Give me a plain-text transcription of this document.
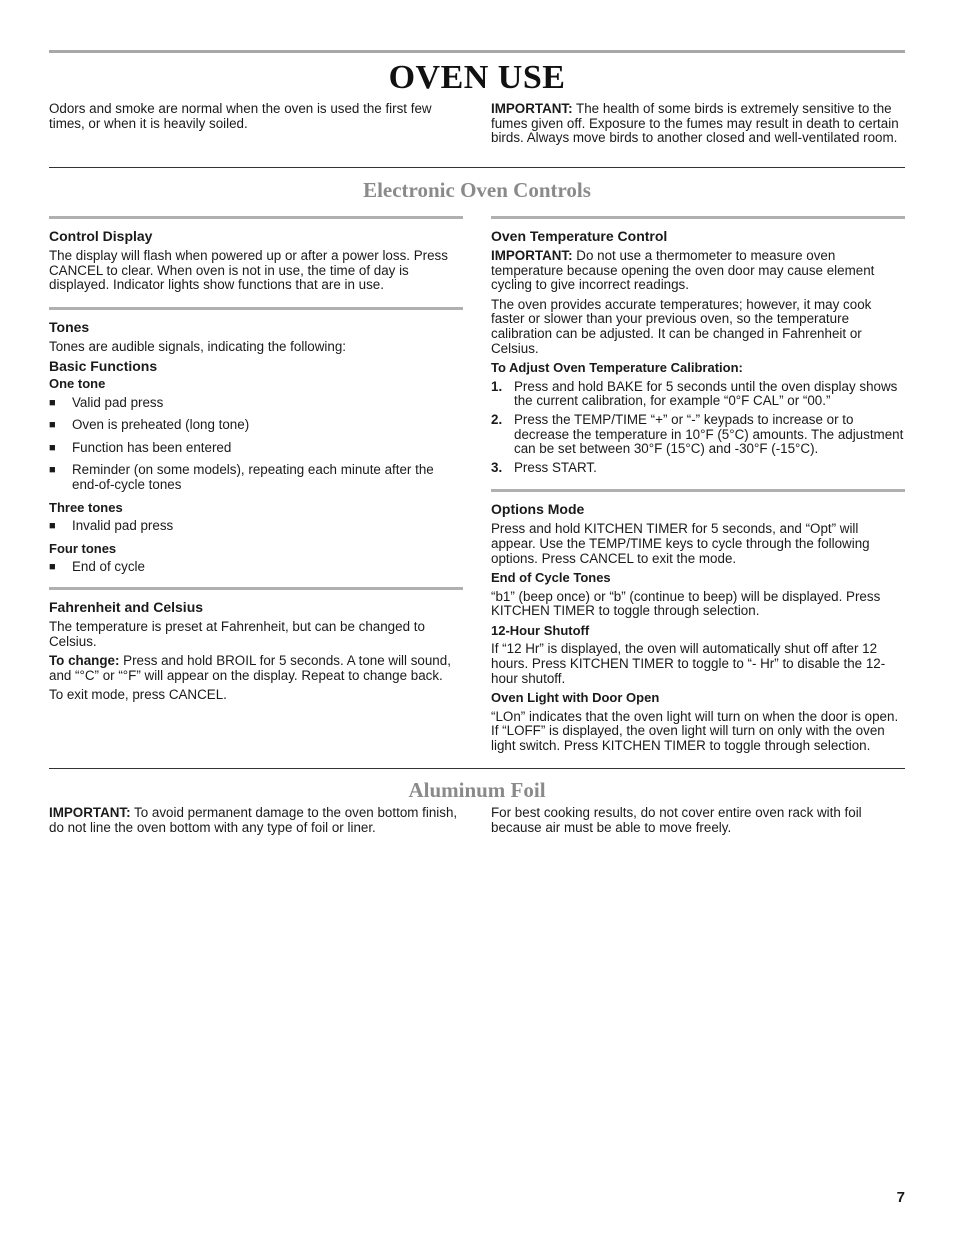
OVEN USE

Odors and smoke are normal when the oven is used the first few times, or when it is heavily soiled.

IMPORTANT: The health of some birds is extremely sensitive to the fumes given off. Exposure to the fumes may result in death to certain birds. Always move birds to another closed and well-ventilated room.

Electronic Oven Controls
Control Display

The display will flash when powered up or after a power loss. Press CANCEL to clear. When oven is not in use, the time of day is displayed. Indicator lights show functions that are in use.

Tones

Tones are audible signals, indicating the following:

Basic Functions
One tone
■ Valid pad press
■ Oven is preheated (long tone)
■ Function has been entered
■ Reminder (on some models), repeating each minute after the end-of-cycle tones
Three tones
■ Invalid pad press
Four tones
■ End of cycle
Fahrenheit and Celsius

The temperature is preset at Fahrenheit, but can be changed to Celsius.

To change: Press and hold BROIL for 5 seconds. A tone will sound, and “°C” or “°F” will appear on the display. Repeat to change back.

To exit mode, press CANCEL.

Oven Temperature Control

IMPORTANT: Do not use a thermometer to measure oven temperature because opening the oven door may cause element cycling to give incorrect readings.

The oven provides accurate temperatures; however, it may cook faster or slower than your previous oven, so the temperature calibration can be adjusted. It can be changed in Fahrenheit or Celsius.

To Adjust Oven Temperature Calibration:
1. Press and hold BAKE for 5 seconds until the oven display shows the current calibration, for example “0°F CAL” or “00.”
2. Press the TEMP/TIME “+” or “-” keypads to increase or to decrease the temperature in 10°F (5°C) amounts. The adjustment can be set between 30°F (15°C) and -30°F (-15°C).
3. Press START.
Options Mode

Press and hold KITCHEN TIMER for 5 seconds, and “Opt” will appear. Use the TEMP/TIME keys to cycle through the following options. Press CANCEL to exit the mode.

End of Cycle Tones

“b1” (beep once) or “b” (continue to beep) will be displayed. Press KITCHEN TIMER to toggle through selection.

12-Hour Shutoff

If “12 Hr” is displayed, the oven will automatically shut off after 12 hours. Press KITCHEN TIMER to toggle to “- Hr” to disable the 12-hour shutoff.

Oven Light with Door Open

“LOn” indicates that the oven light will turn on when the door is open. If “LOFF” is displayed, the oven light will turn on only with the oven light switch. Press KITCHEN TIMER to toggle through selection.

Aluminum Foil

IMPORTANT: To avoid permanent damage to the oven bottom finish, do not line the oven bottom with any type of foil or liner.

For best cooking results, do not cover entire oven rack with foil because air must be able to move freely.

7
